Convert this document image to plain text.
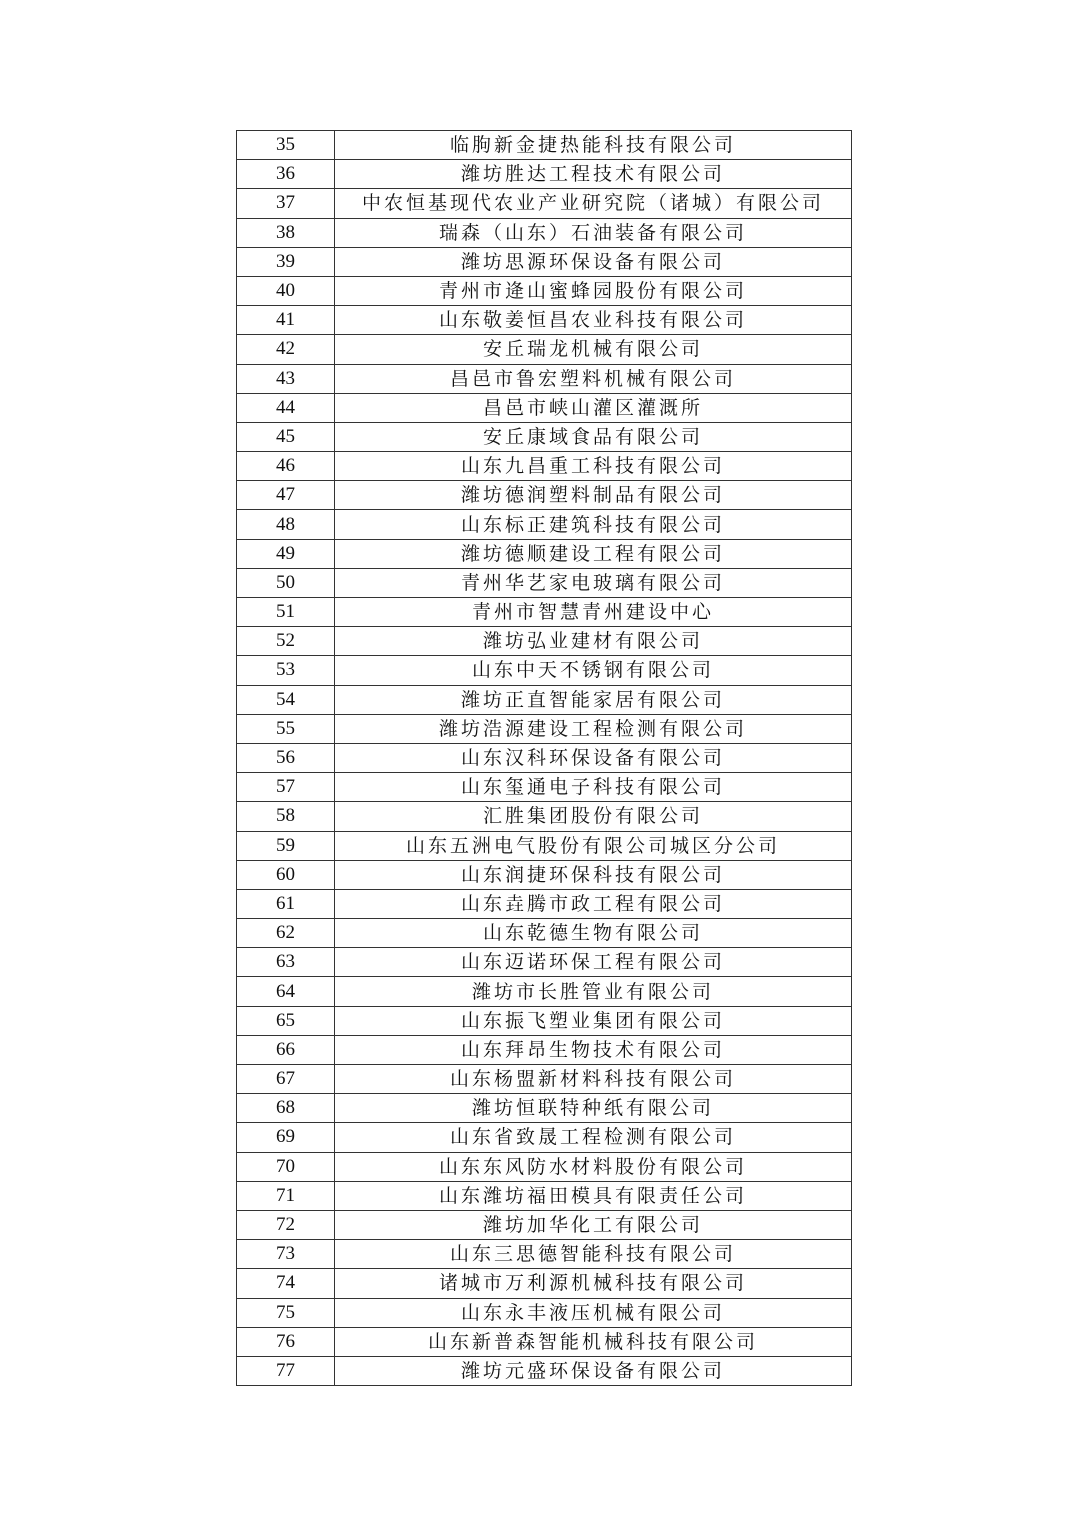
35	临朐新金捷热能科技有限公司
36	潍坊胜达工程技术有限公司
37	中农恒基现代农业产业研究院（诸城）有限公司
38	瑞森（山东）石油装备有限公司
39	潍坊思源环保设备有限公司
40	青州市逄山蜜蜂园股份有限公司
41	山东敬姜恒昌农业科技有限公司
42	安丘瑞龙机械有限公司
43	昌邑市鲁宏塑料机械有限公司
44	昌邑市峡山灌区灌溉所
45	安丘康域食品有限公司
46	山东九昌重工科技有限公司
47	潍坊德润塑料制品有限公司
48	山东标正建筑科技有限公司
49	潍坊德顺建设工程有限公司
50	青州华艺家电玻璃有限公司
51	青州市智慧青州建设中心
52	潍坊弘业建材有限公司
53	山东中天不锈钢有限公司
54	潍坊正直智能家居有限公司
55	潍坊浩源建设工程检测有限公司
56	山东汉科环保设备有限公司
57	山东玺通电子科技有限公司
58	汇胜集团股份有限公司
59	山东五洲电气股份有限公司城区分公司
60	山东润捷环保科技有限公司
61	山东垚腾市政工程有限公司
62	山东乾德生物有限公司
63	山东迈诺环保工程有限公司
64	潍坊市长胜管业有限公司
65	山东振飞塑业集团有限公司
66	山东拜昂生物技术有限公司
67	山东杨盟新材料科技有限公司
68	潍坊恒联特种纸有限公司
69	山东省致晟工程检测有限公司
70	山东东风防水材料股份有限公司
71	山东潍坊福田模具有限责任公司
72	潍坊加华化工有限公司
73	山东三思德智能科技有限公司
74	诸城市万利源机械科技有限公司
75	山东永丰液压机械有限公司
76	山东新普森智能机械科技有限公司
77	潍坊元盛环保设备有限公司
